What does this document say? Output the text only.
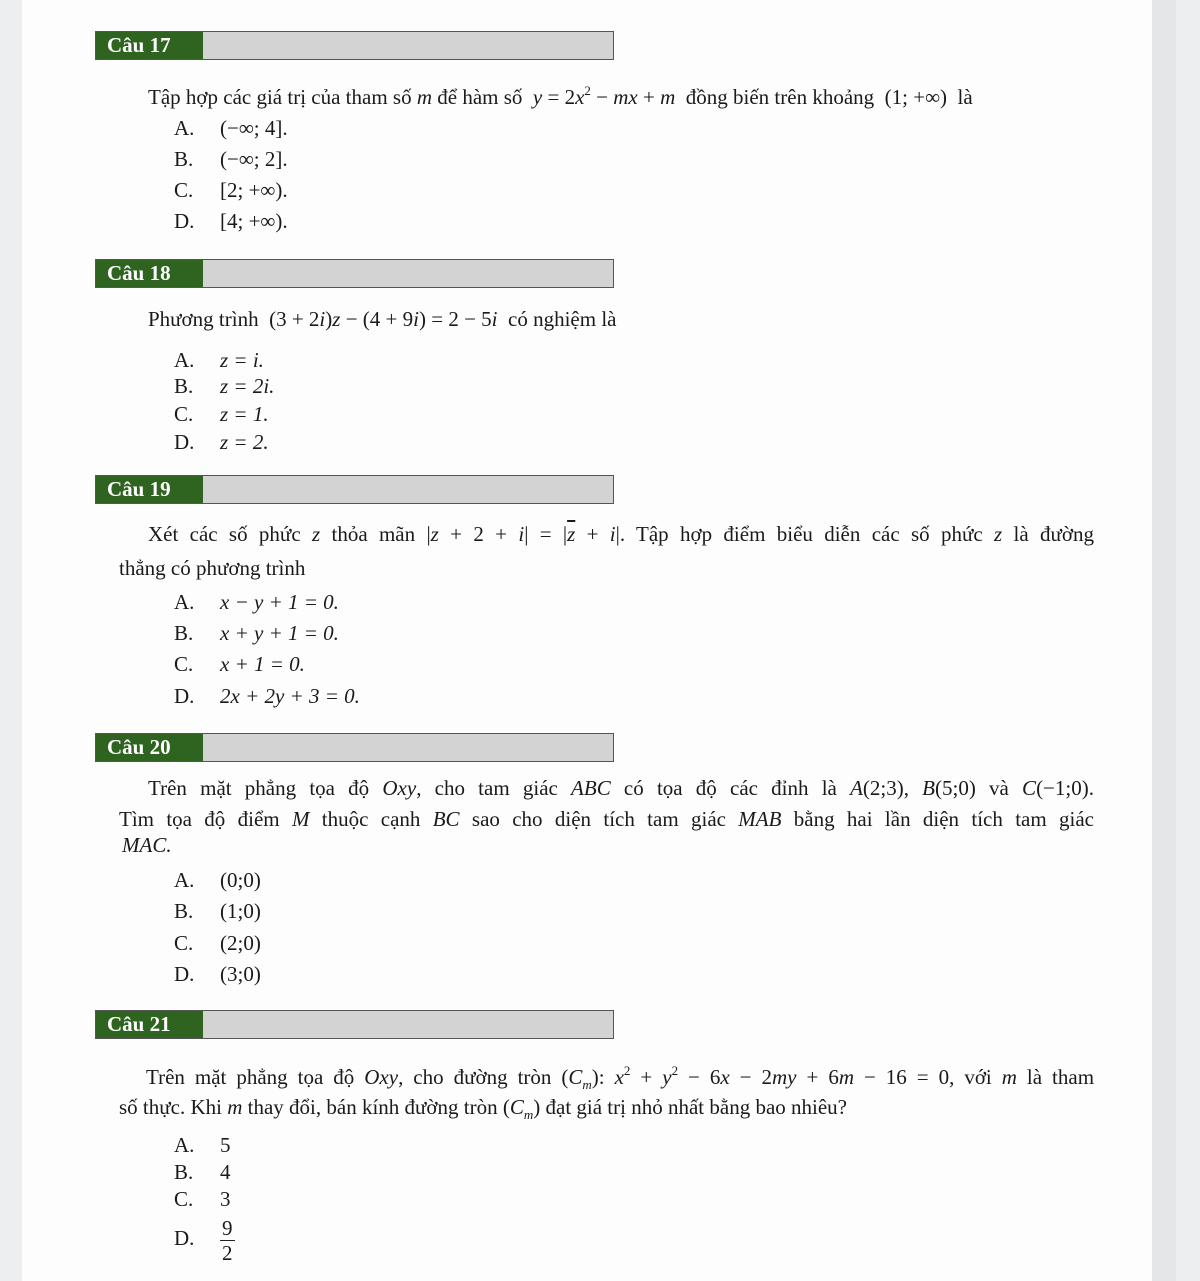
Câu 17
Tập hợp các giá trị của tham số m để hàm số  $y = 2x^2$ − mx + m  đồng biến trên khoảng  (1; +∞)  là
A. (−∞; 4].
B. (−∞; 2].
C. [2; +∞).
D. [4; +∞).
Câu 18
Phương trình  (3 + 2i)z − (4 + 9i) = 2 − 5i  có nghiệm là
A. z = i.
B. z = 2i.
C. z = 1.
D. z = 2.
Câu 19
Xét các số phức z thỏa mãn $|z + 2 + i| = |\overline{z} + i|$. Tập hợp điểm biểu diễn các số phức z là đường
thẳng có phương trình
A. x − y + 1 = 0.
B. x + y + 1 = 0.
C. x + 1 = 0.
D. 2x + 2y + 3 = 0.
Câu 20
Trên mặt phẳng tọa độ Oxy, cho tam giác ABC có tọa độ các đỉnh là A(2;3), B(5;0) và C(−1;0).
Tìm tọa độ điểm M thuộc cạnh BC sao cho diện tích tam giác MAB bằng hai lần diện tích tam giác
MAC.
A. (0;0)
B. (1;0)
C. (2;0)
D. (3;0)
Câu 21
Trên mặt phẳng tọa độ Oxy, cho đường tròn $(C_m)$: $x^2 + y^2 - 6x - 2my + 6m - 16 = 0$, với m là tham
số thực. Khi m thay đổi, bán kính đường tròn $(C_m)$ đạt giá trị nhỏ nhất bằng bao nhiêu?
A. 5
B. 4
C. 3
D. $\frac{9}{2}$
